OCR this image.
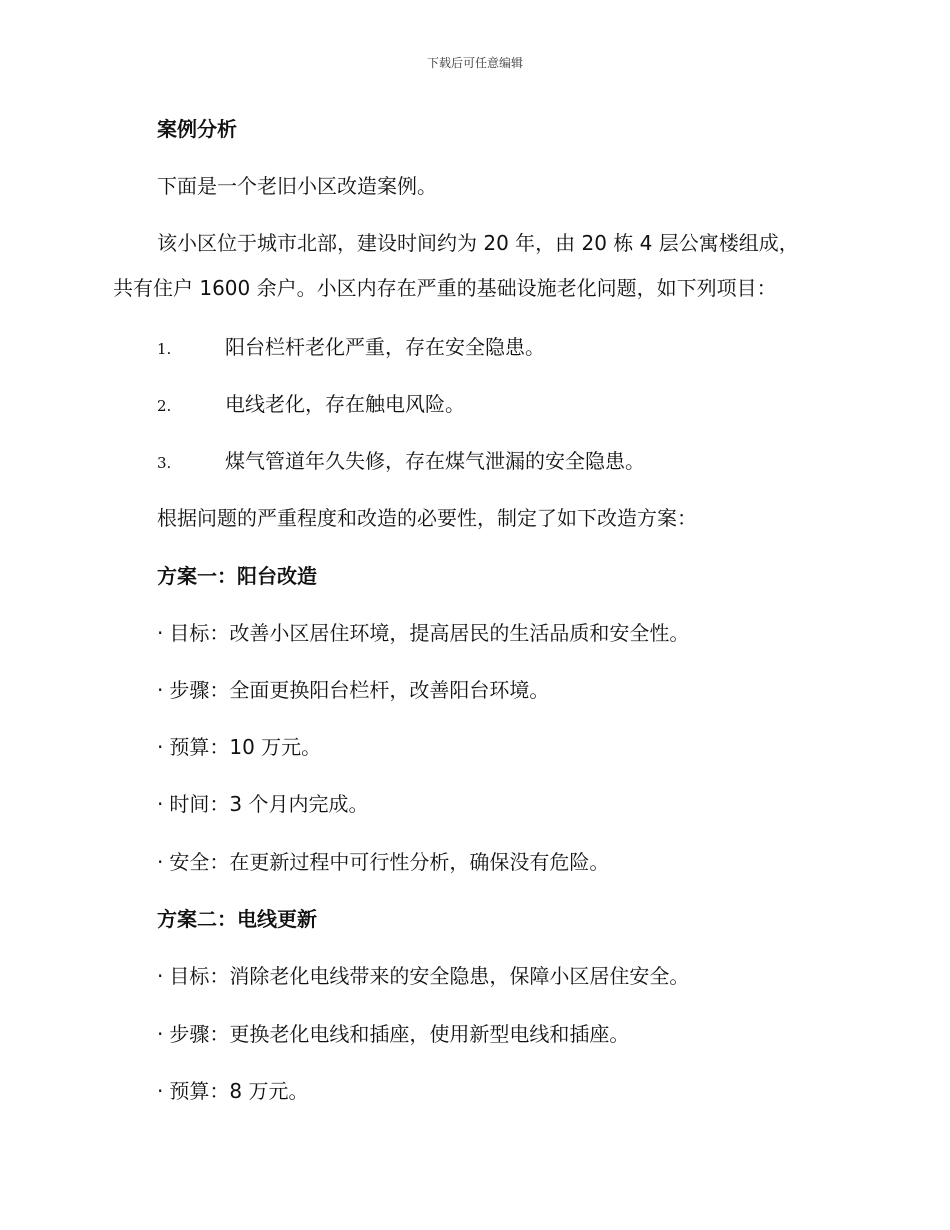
下载后可任意编辑
案例分析
下面是一个老旧小区改造案例。
该小区位于城市北部，建设时间约为 20 年，由 20 栋 4 层公寓楼组成，
共有住户 1600 余户。小区内存在严重的基础设施老化问题，如下列项目：
1.	阳台栏杆老化严重，存在安全隐患。
2.	电线老化，存在触电风险。
3.	煤气管道年久失修，存在煤气泄漏的安全隐患。
根据问题的严重程度和改造的必要性，制定了如下改造方案：
方案一：阳台改造
· 目标：改善小区居住环境，提高居民的生活品质和安全性。
· 步骤：全面更换阳台栏杆，改善阳台环境。
· 预算：10 万元。
· 时间：3 个月内完成。
· 安全：在更新过程中可行性分析，确保没有危险。
方案二：电线更新
· 目标：消除老化电线带来的安全隐患，保障小区居住安全。
· 步骤：更换老化电线和插座，使用新型电线和插座。
· 预算：8 万元。
